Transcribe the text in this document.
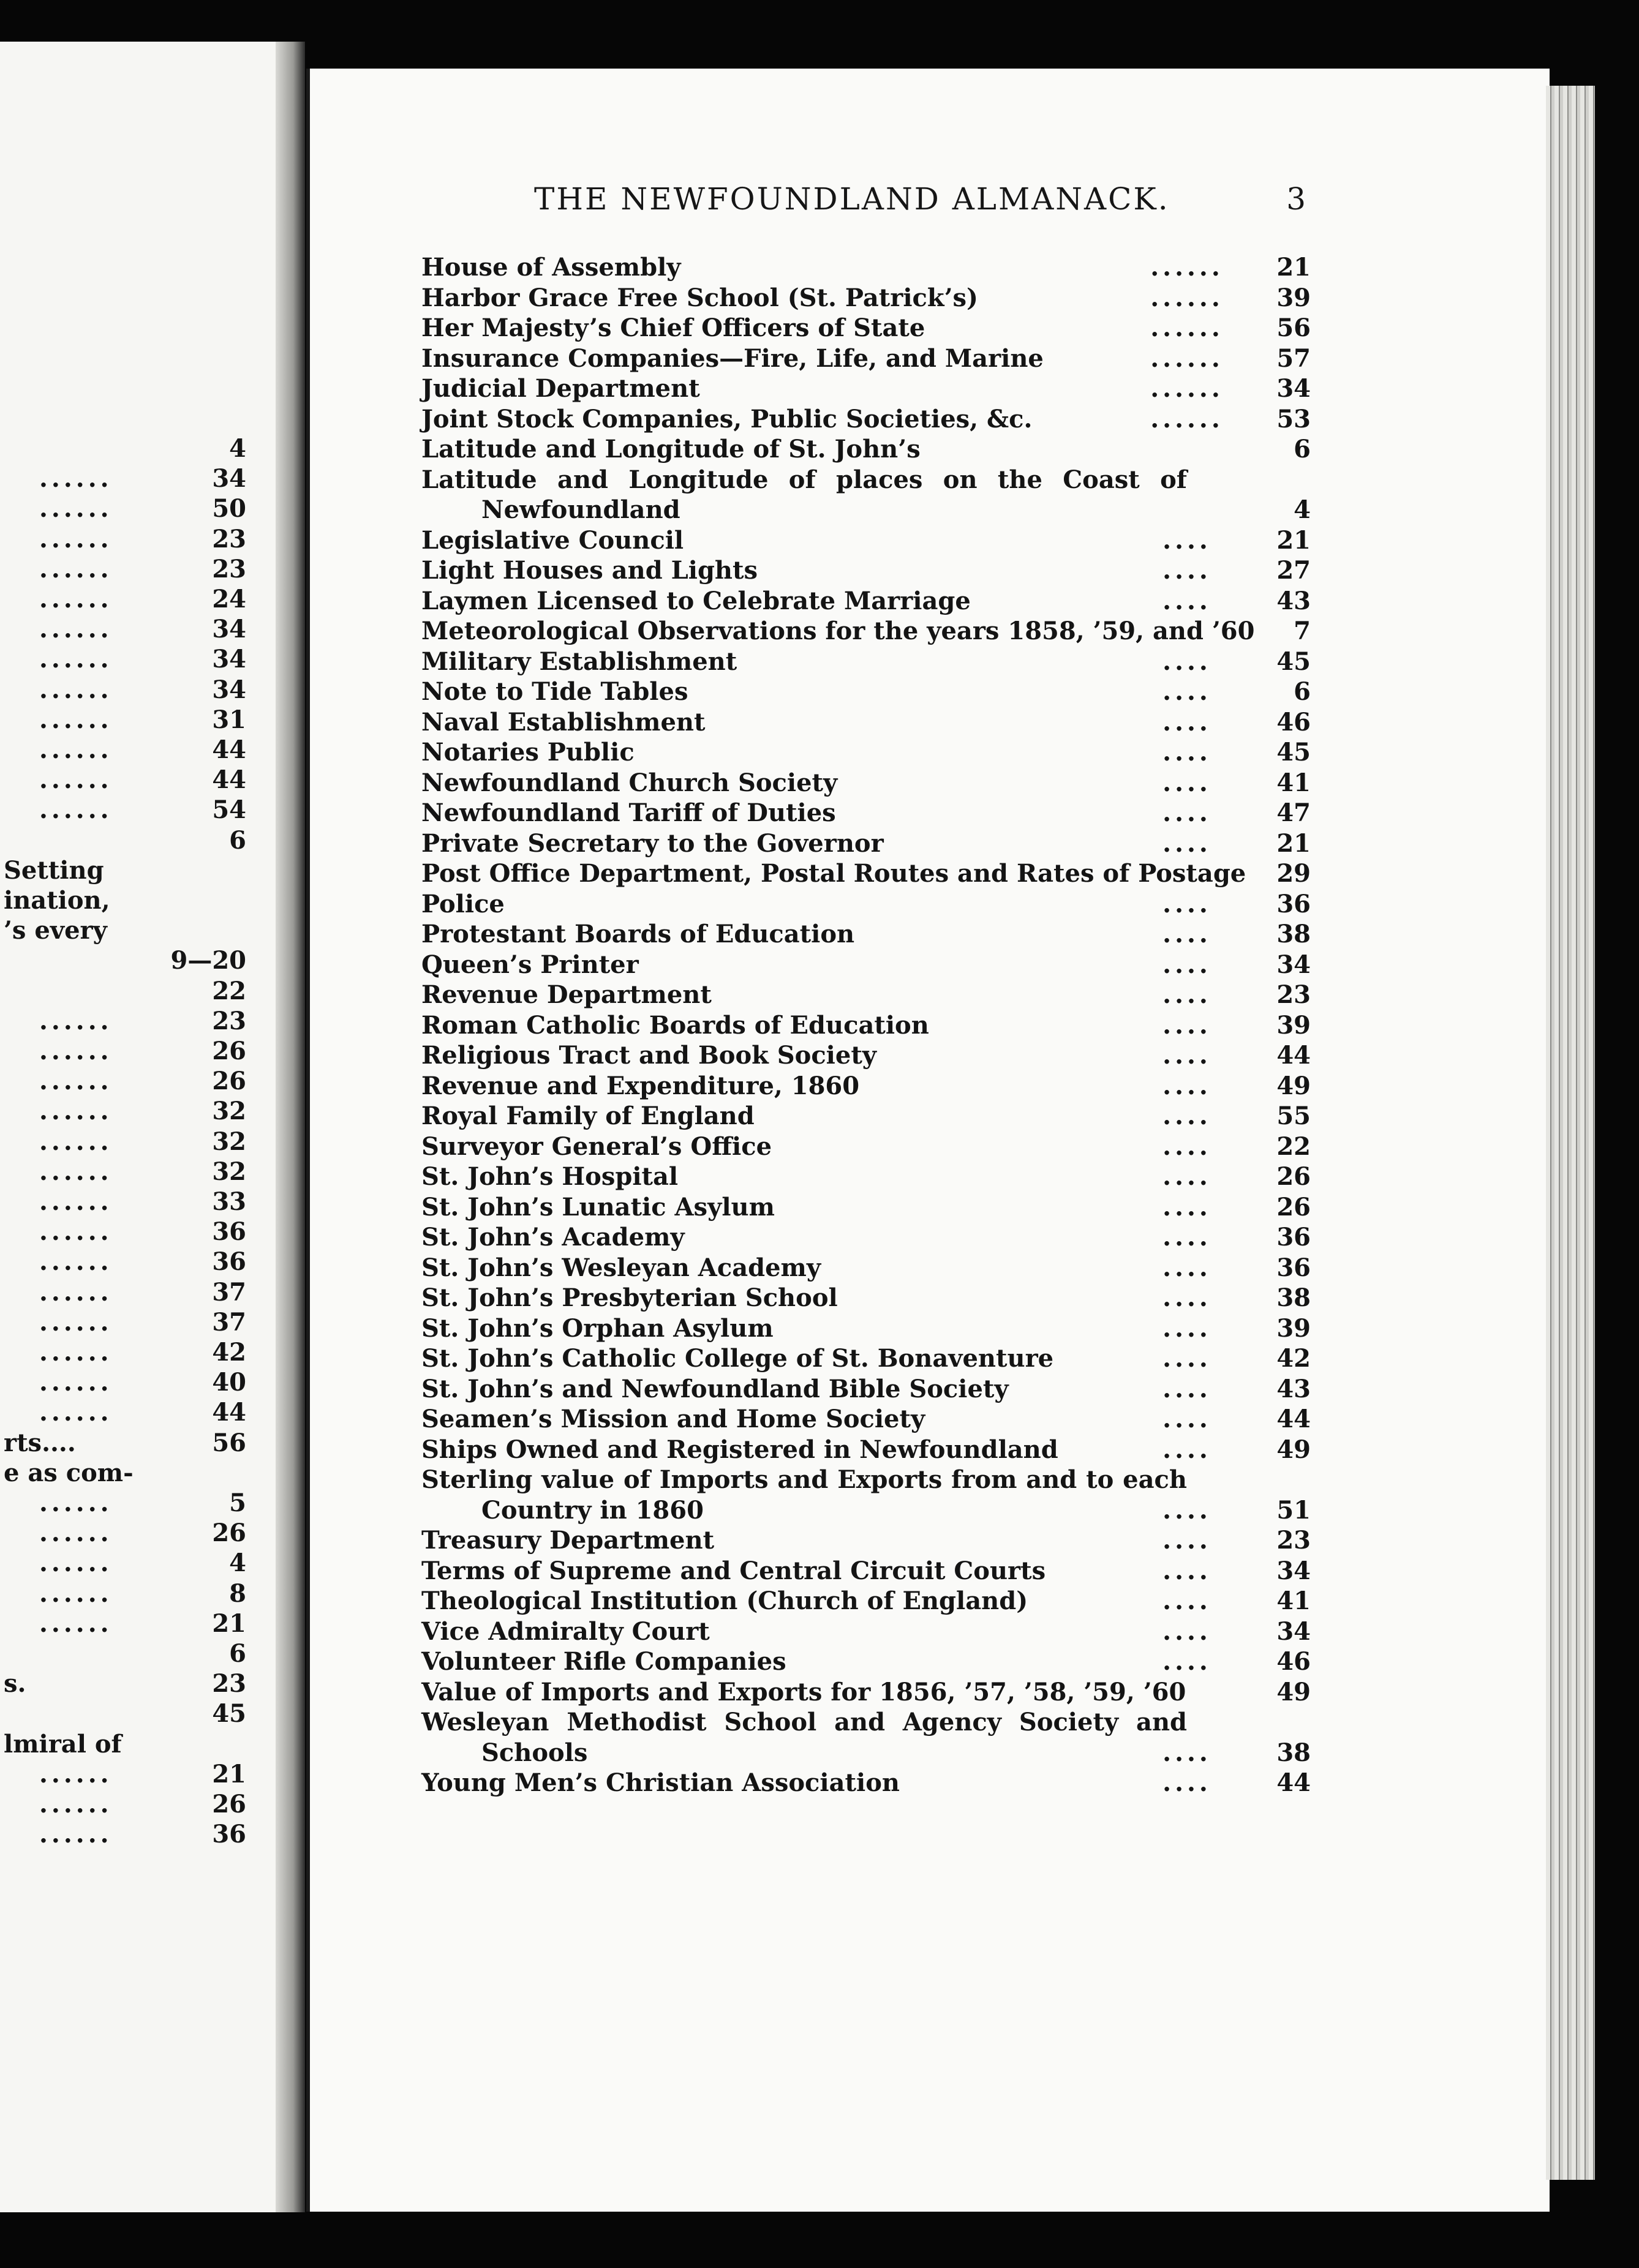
4
......	34
......	50
......	23
......	23
......	24
......	34
......	34
......	34
......	31
......	44
......	44
......	54
6
Setting
ination,
’s every
9—20
22
......	23
......	26
......	26
......	32
......	32
......	32
......	33
......	36
......	36
......	37
......	37
......	42
......	40
......	44
rts....	56
e as com-
......	5
......	26
......	4
......	8
......	21
6
s.	23
45
lmiral of
......	21
......	26
......	36
THE NEWFOUNDLAND ALMANACK.	3
House of Assembly	......	21
Harbor Grace Free School (St. Patrick’s)	......	39
Her Majesty’s Chief Officers of State	......	56
Insurance Companies—Fire, Life, and Marine	......	57
Judicial Department	......	34
Joint Stock Companies, Public Societies, &c.	......	53
Latitude and Longitude of St. John’s	6
Latitude and Longitude of places on the Coast of
Newfoundland	4
Legislative Council	....	21
Light Houses and Lights	....	27
Laymen Licensed to Celebrate Marriage	....	43
Meteorological Observations for the years 1858, ’59, and ’60 7
Military Establishment	....	45
Note to Tide Tables	....	6
Naval Establishment	....	46
Notaries Public	....	45
Newfoundland Church Society	....	41
Newfoundland Tariff of Duties	....	47
Private Secretary to the Governor	....	21
Post Office Department, Postal Routes and Rates of Postage 29
Police	....	36
Protestant Boards of Education	....	38
Queen’s Printer	....	34
Revenue Department	....	23
Roman Catholic Boards of Education	....	39
Religious Tract and Book Society	....	44
Revenue and Expenditure, 1860	....	49
Royal Family of England	....	55
Surveyor General’s Office	....	22
St. John’s Hospital	....	26
St. John’s Lunatic Asylum	....	26
St. John’s Academy	....	36
St. John’s Wesleyan Academy	....	36
St. John’s Presbyterian School	....	38
St. John’s Orphan Asylum	....	39
St. John’s Catholic College of St. Bonaventure	....	42
St. John’s and Newfoundland Bible Society	....	43
Seamen’s Mission and Home Society	....	44
Ships Owned and Registered in Newfoundland	....	49
Sterling value of Imports and Exports from and to each
Country in 1860	....	51
Treasury Department	....	23
Terms of Supreme and Central Circuit Courts	....	34
Theological Institution (Church of England)	....	41
Vice Admiralty Court	....	34
Volunteer Rifle Companies	....	46
Value of Imports and Exports for 1856, ’57, ’58, ’59, ’60	49
Wesleyan Methodist School and Agency Society and
Schools	....	38
Young Men’s Christian Association	....	44
